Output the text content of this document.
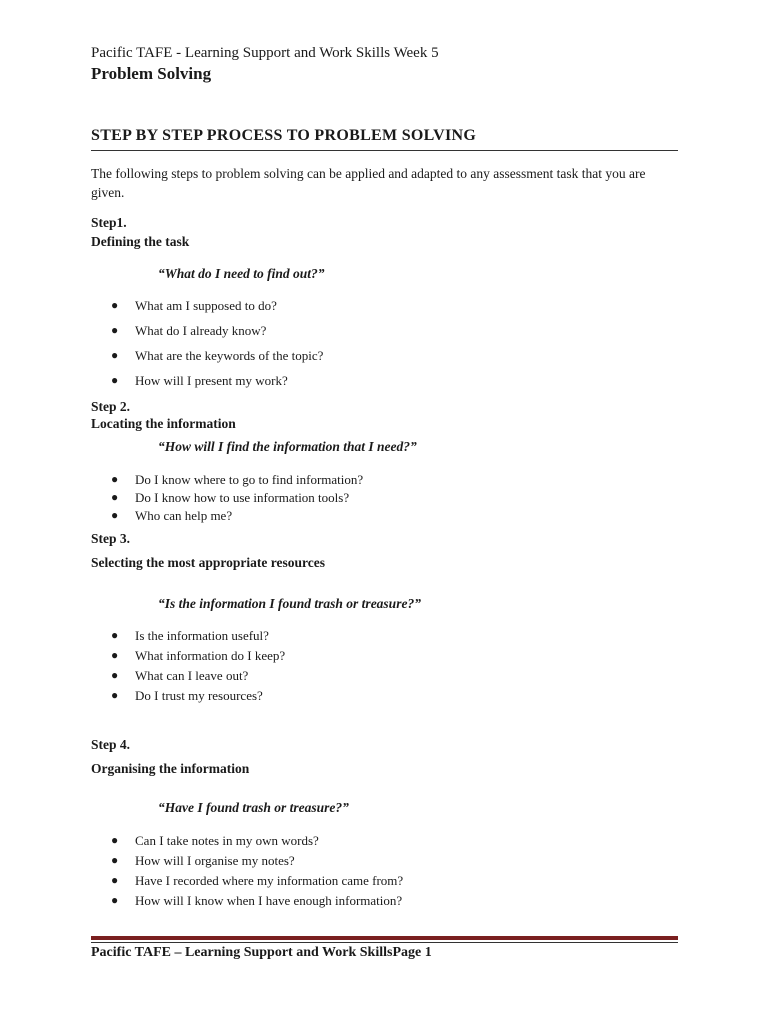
Pacific TAFE - Learning Support and Work Skills Week 5
Problem Solving
STEP BY STEP PROCESS TO PROBLEM SOLVING
The following steps to problem solving can be applied and adapted to any assessment task that you are given.
Step1.
Defining the task
“What do I need to find out?”
● What am I supposed to do?
● What do I already know?
● What are the keywords of the topic?
● How will I present my work?
Step 2.
Locating the information
“How will I find the information that I need?”
● Do I know where to go to find information?
● Do I know how to use information tools?
● Who can help me?
Step 3.
Selecting the most appropriate resources
“Is the information I found trash or treasure?”
● Is the information useful?
● What information do I keep?
● What can I leave out?
● Do I trust my resources?
Step 4.
Organising the information
“Have I found trash or treasure?”
● Can I take notes in my own words?
● How will I organise my notes?
● Have I recorded where my information came from?
● How will I know when I have enough information?
Pacific TAFE – Learning Support and Work SkillsPage 1
